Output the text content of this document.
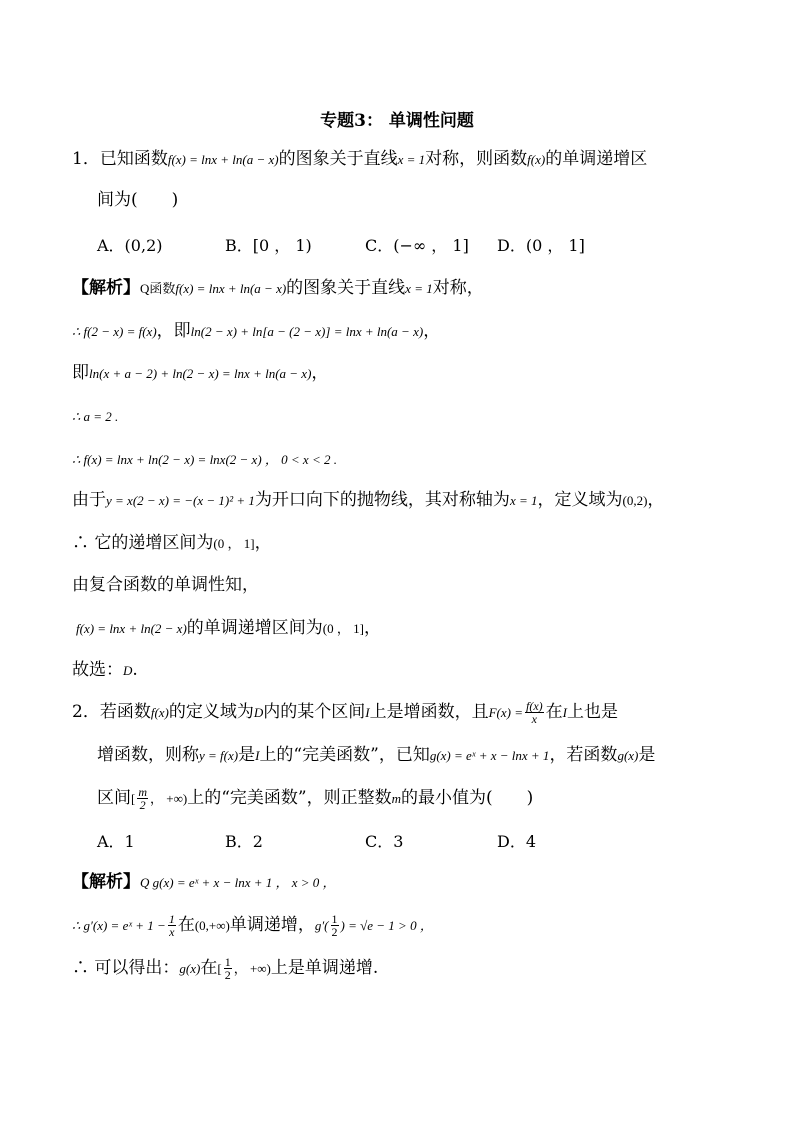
专题3： 单调性问题
1．已知函数f(x) = lnx + ln(a − x)的图象关于直线x = 1对称，则函数f(x)的单调递增区
间为(　　)
A．(0,2)	B．[0 ， 1)	C．(−∞ ， 1] D．(0 ， 1]
【解析】Q函数f(x) = lnx + ln(a − x)的图象关于直线x = 1对称，
∴ f(2 − x) = f(x)，即ln(2 − x) + ln[a − (2 − x)] = lnx + ln(a − x)，
即ln(x + a − 2) + ln(2 − x) = lnx + ln(a − x)，
∴ a = 2 .
∴ f(x) = lnx + ln(2 − x) = lnx(2 − x) ， 0 < x < 2 .
由于y = x(2 − x) = −(x − 1)² + 1为开口向下的抛物线，其对称轴为x = 1，定义域为(0,2)，
∴ 它的递增区间为(0 ， 1]，
由复合函数的单调性知，
f(x) = lnx + ln(2 − x)的单调递增区间为(0 ， 1]，
故选：D.
2．若函数f(x)的定义域为D内的某个区间I上是增函数，且$F(x) = \frac{f(x)}{x}$ 在I上也是
增函数，则称y = f(x)是I上的“完美函数”，已知g(x) = eˣ + x − lnx + 1，若函数g(x)是
区间[ $\frac{m}{2}$ ， +∞)上的“完美函数”，则正整数m的最小值为(　　)
A．1	B．2	C．3	D．4
【解析】Q g(x) = eˣ + x − lnx + 1 ， x > 0 ，
∴ g′(x) = eˣ + $1 - \frac{1}{x}$ 在(0,+∞)单调递增，$g'( \frac{1}{2}$ ) = √e − 1 > 0 ，
∴ 可以得出：g(x)在[ $\frac{1}{2}$ ， +∞)上是单调递增.
